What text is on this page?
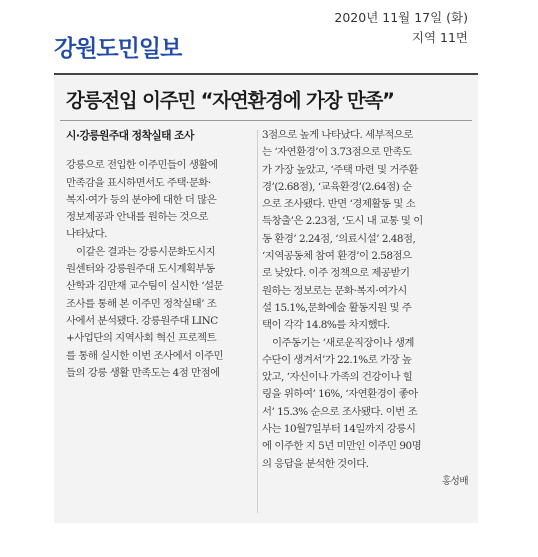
2020년 11월 17일 (화)
지역 11면
강원도민일보
강릉전입 이주민 “자연환경에 가장 만족”
시·강릉원주대 정착실태 조사
강릉으로 전입한 이주민들이 생활에
만족감을 표시하면서도 주택·문화·
복지·여가 등의 분야에 대한 더 많은
정보제공과 안내를 원하는 것으로
나타났다.
이같은 결과는 강릉시문화도시지
원센터와 강릉원주대 도시계획부동
산학과 김만재 교수팀이 실시한 ‘설문
조사를 통해 본 이주민 정착실태’ 조
사에서 분석됐다. 강릉원주대 LINC
+사업단의 지역사회 혁신 프로젝트
를 통해 실시한 이번 조사에서 이주민
들의 강릉 생활 만족도는 4점 만점에
3점으로 높게 나타났다. 세부적으로
는 ‘자연환경’이 3.73점으로 만족도
가 가장 높았고, ‘주택 마련 및 거주환
경’(2.68점), ‘교육환경’(2.64점) 순
으로 조사됐다. 반면 ‘경제활동 및 소
득창출’은 2.23점, ‘도시 내 교통 및 이
동 환경’ 2.24점, ‘의료시설’ 2.48점,
‘지역공동체 참여 환경’이 2.58점으
로 낮았다. 이주 정책으로 제공받기
원하는 정보로는 문화·복지·여가시
설 15.1%,문화예술 활동지원 및 주
택이 각각 14.8%를 차지했다.
이주동기는 ‘새로운직장이나 생계
수단이 생겨서’가 22.1%로 가장 높
았고, ‘자신이나 가족의 건강이나 힐
링을 위하여’ 16%, ‘자연환경이 좋아
서’ 15.3% 순으로 조사됐다. 이번 조
사는 10월7일부터 14일까지 강릉시
에 이주한 지 5년 미만인 이주민 90명
의 응답을 분석한 것이다.
홍성배
